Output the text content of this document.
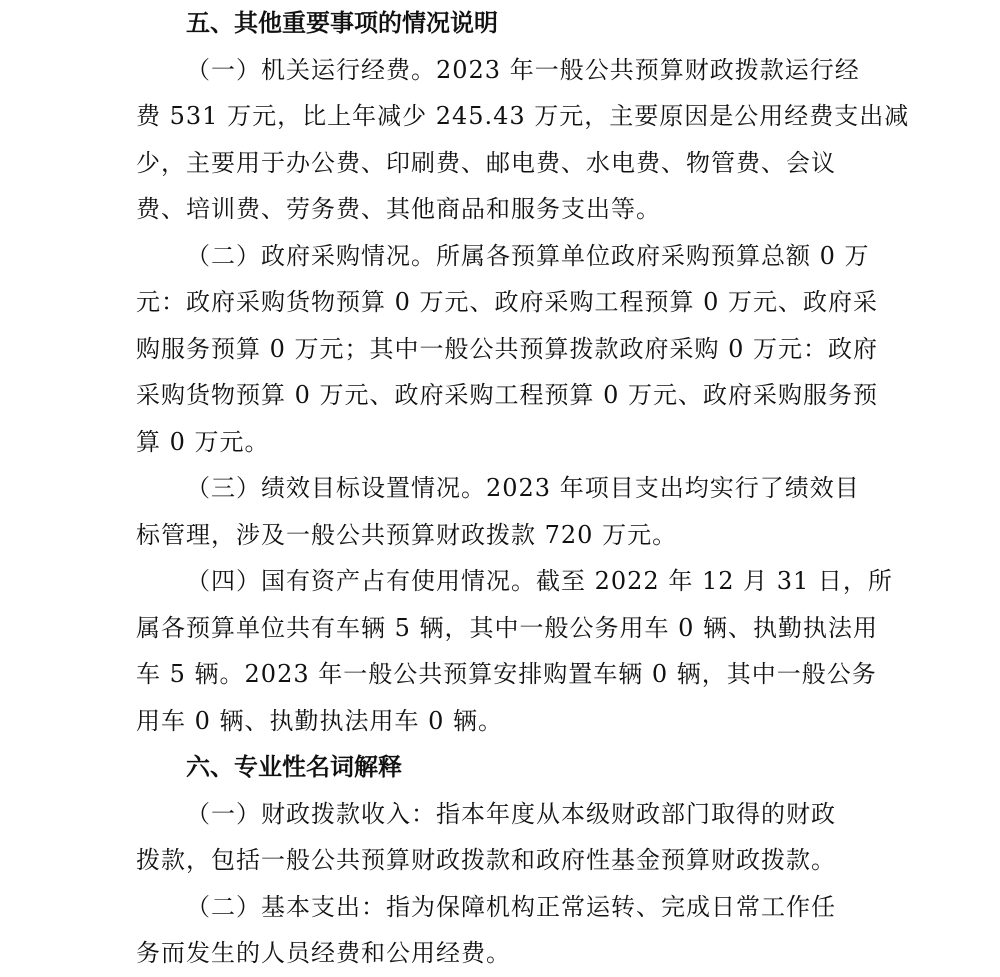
五、其他重要事项的情况说明

（一）机关运行经费。2023 年一般公共预算财政拨款运行经
费 531 万元，比上年减少 245.43 万元，主要原因是公用经费支出减
少，主要用于办公费、印刷费、邮电费、水电费、物管费、会议
费、培训费、劳务费、其他商品和服务支出等。

（二）政府采购情况。所属各预算单位政府采购预算总额 0 万
元：政府采购货物预算 0 万元、政府采购工程预算 0 万元、政府采
购服务预算 0 万元；其中一般公共预算拨款政府采购 0 万元：政府
采购货物预算 0 万元、政府采购工程预算 0 万元、政府采购服务预
算 0 万元。

（三）绩效目标设置情况。2023 年项目支出均实行了绩效目
标管理，涉及一般公共预算财政拨款 720 万元。

（四）国有资产占有使用情况。截至 2022 年 12 月 31 日，所
属各预算单位共有车辆 5 辆，其中一般公务用车 0 辆、执勤执法用
车 5 辆。2023 年一般公共预算安排购置车辆 0 辆，其中一般公务
用车 0 辆、执勤执法用车 0 辆。

六、专业性名词解释

（一）财政拨款收入：指本年度从本级财政部门取得的财政
拨款，包括一般公共预算财政拨款和政府性基金预算财政拨款。

（二）基本支出：指为保障机构正常运转、完成日常工作任
务而发生的人员经费和公用经费。
